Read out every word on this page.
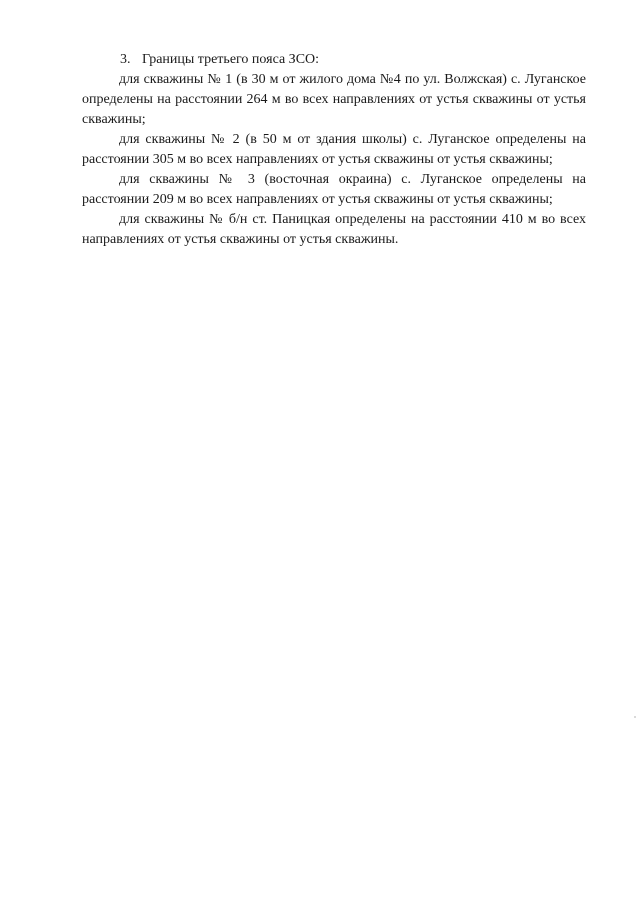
3. Границы третьего пояса ЗСО:

для скважины № 1 (в 30 м от жилого дома №4 по ул. Волжская) с. Луганское определены на расстоянии 264 м во всех направлениях от устья скважины от устья скважины;

для скважины № 2 (в 50 м от здания школы) с. Луганское определены на расстоянии 305 м во всех направлениях от устья скважины от устья скважины;

для скважины № 3 (восточная окраина) с. Луганское определены на расстоянии 209 м во всех направлениях от устья скважины от устья скважины;

для скважины № б/н ст. Паницкая определены на расстоянии 410 м во всех направлениях от устья скважины от устья скважины.
